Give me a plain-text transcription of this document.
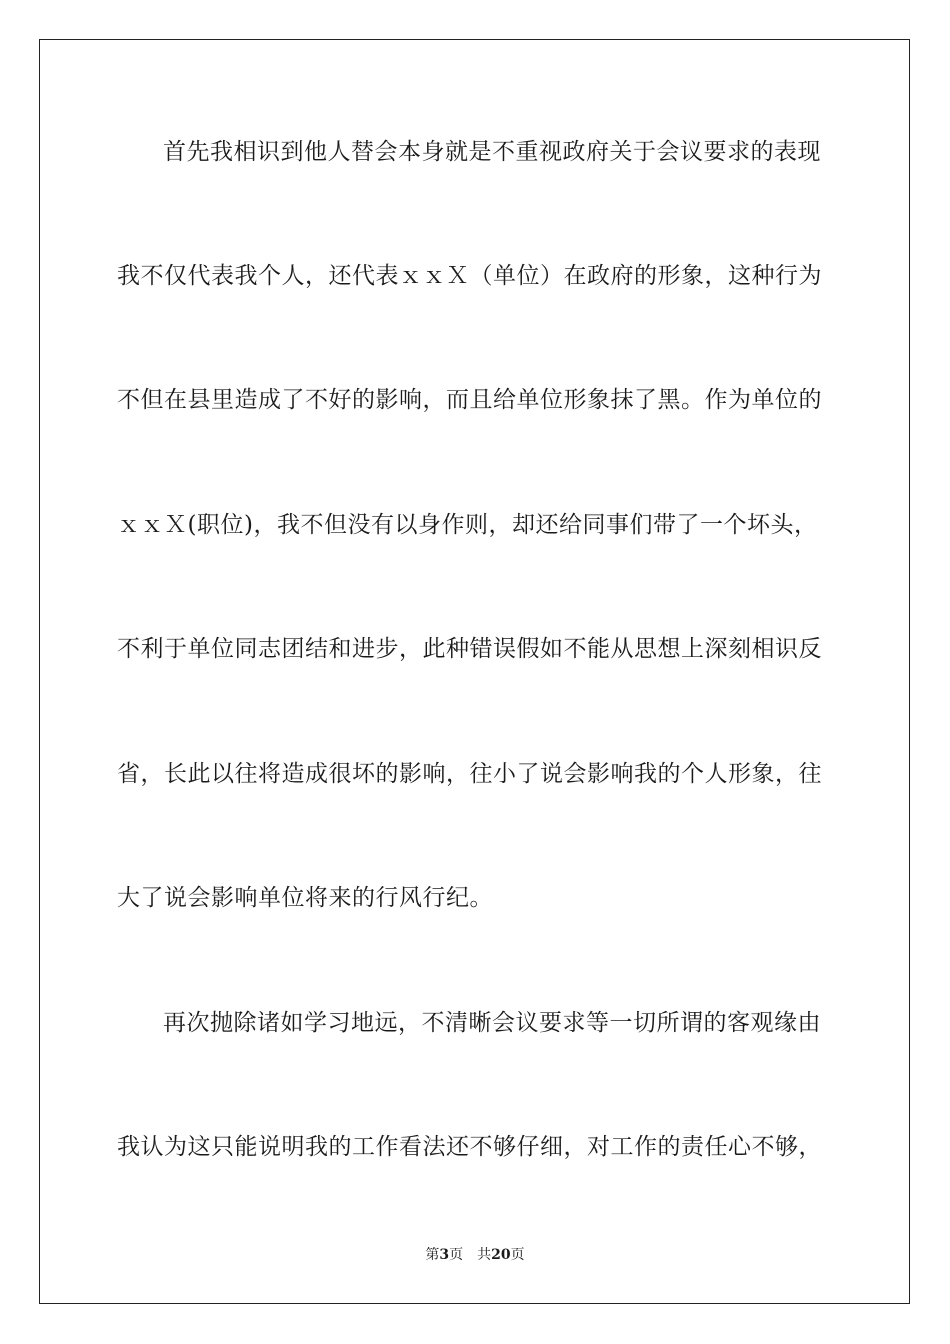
首先我相识到他人替会本身就是不重视政府关于会议要求的表现
我不仅代表我个人，还代表ｘｘＸ（单位）在政府的形象，这种行为
不但在县里造成了不好的影响，而且给单位形象抹了黑。作为单位的
ｘｘＸ(职位)，我不但没有以身作则，却还给同事们带了一个坏头，
不利于单位同志团结和进步，此种错误假如不能从思想上深刻相识反
省，长此以往将造成很坏的影响，往小了说会影响我的个人形象，往
大了说会影响单位将来的行风行纪。
再次抛除诸如学习地远，不清晰会议要求等一切所谓的客观缘由
我认为这只能说明我的工作看法还不够仔细，对工作的责任心不够，
第3页 共20页
